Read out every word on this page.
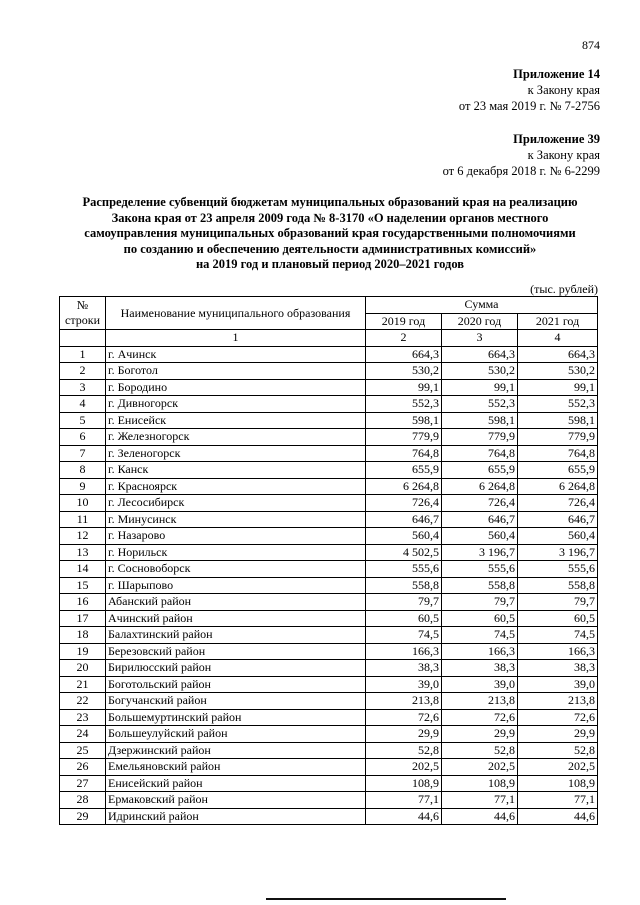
874
Приложение 14
к Закону края
от 23 мая 2019 г. № 7-2756
Приложение 39
к Закону края
от 6 декабря 2018 г. № 6-2299
Распределение субвенций бюджетам муниципальных образований края на реализацию
Закона края от 23 апреля 2009 года № 8-3170 «О наделении органов местного
самоуправления муниципальных образований края государственными полномочиями
по созданию и обеспечению деятельности административных комиссий»
на 2019 год и плановый период 2020–2021 годов
(тыс. рублей)
№
строки	Наименование муниципального образования	Сумма		
		2019 год	2020 год	2021 год
	1	2	3	4
1	г. Ачинск	664,3	664,3	664,3
2	г. Боготол	530,2	530,2	530,2
3	г. Бородино	99,1	99,1	99,1
4	г. Дивногорск	552,3	552,3	552,3
5	г. Енисейск	598,1	598,1	598,1
6	г. Железногорск	779,9	779,9	779,9
7	г. Зеленогорск	764,8	764,8	764,8
8	г. Канск	655,9	655,9	655,9
9	г. Красноярск	6 264,8	6 264,8	6 264,8
10	г. Лесосибирск	726,4	726,4	726,4
11	г. Минусинск	646,7	646,7	646,7
12	г. Назарово	560,4	560,4	560,4
13	г. Норильск	4 502,5	3 196,7	3 196,7
14	г. Сосновоборск	555,6	555,6	555,6
15	г. Шарыпово	558,8	558,8	558,8
16	Абанский район	79,7	79,7	79,7
17	Ачинский район	60,5	60,5	60,5
18	Балахтинский район	74,5	74,5	74,5
19	Березовский район	166,3	166,3	166,3
20	Бирилюсский район	38,3	38,3	38,3
21	Боготольский район	39,0	39,0	39,0
22	Богучанский район	213,8	213,8	213,8
23	Большемуртинский район	72,6	72,6	72,6
24	Большеулуйский район	29,9	29,9	29,9
25	Дзержинский район	52,8	52,8	52,8
26	Емельяновский район	202,5	202,5	202,5
27	Енисейский район	108,9	108,9	108,9
28	Ермаковский район	77,1	77,1	77,1
29	Идринский район	44,6	44,6	44,6
